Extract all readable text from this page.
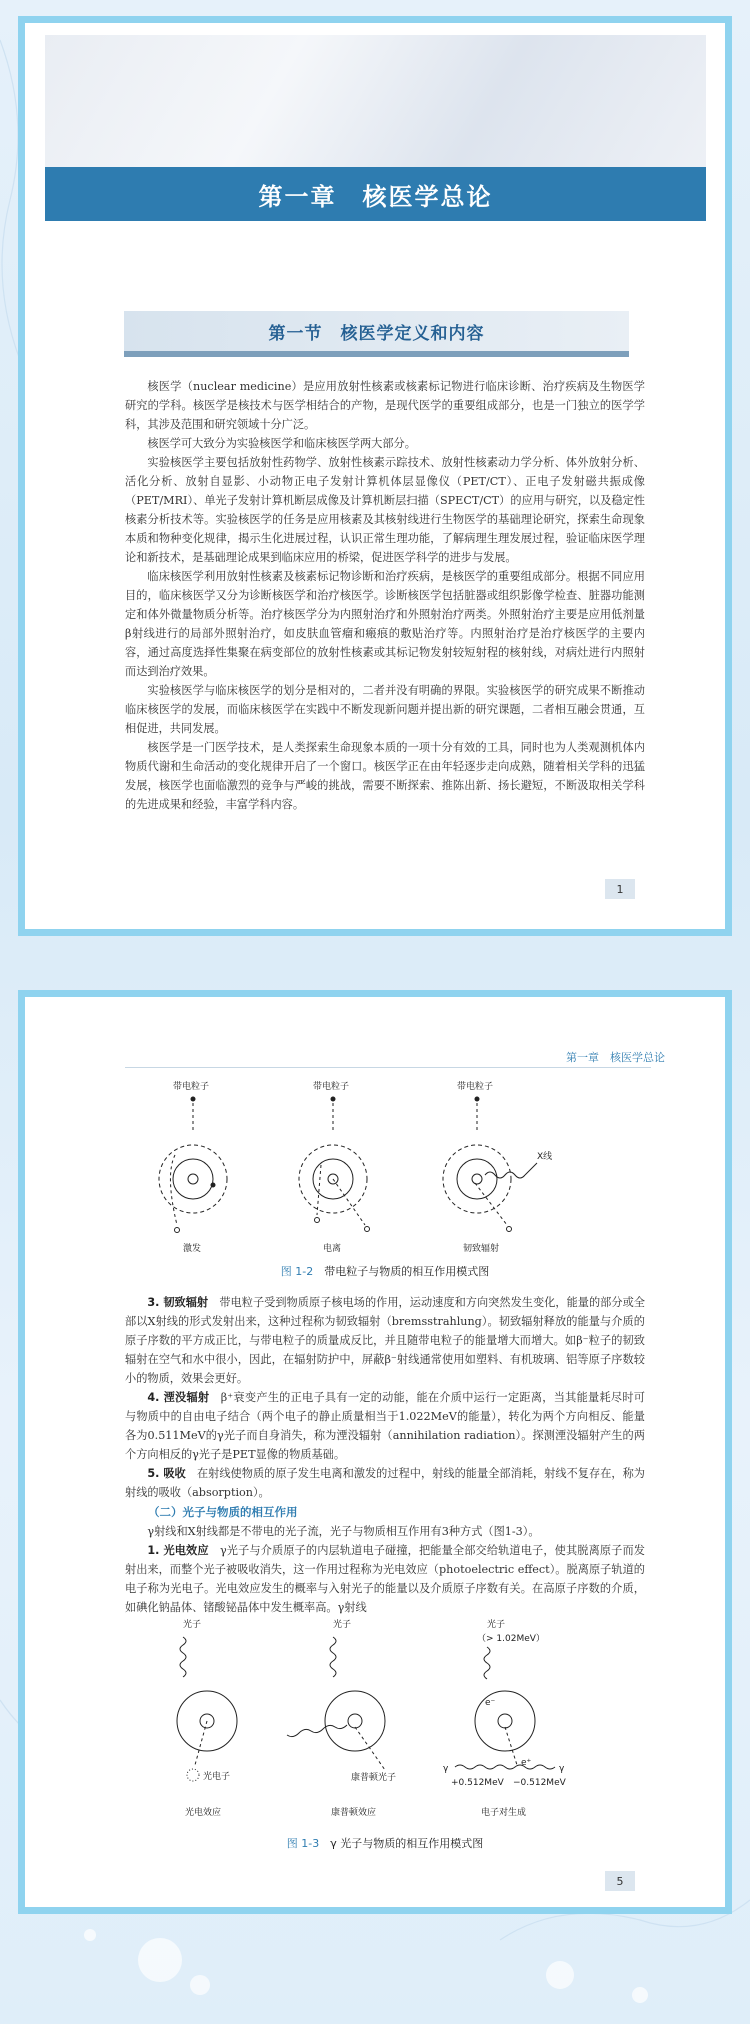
第一章　核医学总论
第一节　核医学定义和内容

核医学（nuclear medicine）是应用放射性核素或核素标记物进行临床诊断、治疗疾病及生物医学研究的学科。核医学是核技术与医学相结合的产物，是现代医学的重要组成部分，也是一门独立的医学学科，其涉及范围和研究领域十分广泛。

核医学可大致分为实验核医学和临床核医学两大部分。

实验核医学主要包括放射性药物学、放射性核素示踪技术、放射性核素动力学分析、体外放射分析、活化分析、放射自显影、小动物正电子发射计算机体层显像仪（PET/CT）、正电子发射磁共振成像（PET/MRI）、单光子发射计算机断层成像及计算机断层扫描（SPECT/CT）的应用与研究，以及稳定性核素分析技术等。实验核医学的任务是应用核素及其核射线进行生物医学的基础理论研究，探索生命现象本质和物种变化规律，揭示生化进展过程，认识正常生理功能，了解病理生理发展过程，验证临床医学理论和新技术，是基础理论成果到临床应用的桥梁，促进医学科学的进步与发展。

临床核医学利用放射性核素及核素标记物诊断和治疗疾病，是核医学的重要组成部分。根据不同应用目的，临床核医学又分为诊断核医学和治疗核医学。诊断核医学包括脏器或组织影像学检查、脏器功能测定和体外微量物质分析等。治疗核医学分为内照射治疗和外照射治疗两类。外照射治疗主要是应用低剂量β射线进行的局部外照射治疗，如皮肤血管瘤和瘢痕的敷贴治疗等。内照射治疗是治疗核医学的主要内容，通过高度选择性集聚在病变部位的放射性核素或其标记物发射较短射程的核射线，对病灶进行内照射而达到治疗效果。

实验核医学与临床核医学的划分是相对的，二者并没有明确的界限。实验核医学的研究成果不断推动临床核医学的发展，而临床核医学在实践中不断发现新问题并提出新的研究课题，二者相互融会贯通，互相促进，共同发展。

核医学是一门医学技术，是人类探索生命现象本质的一项十分有效的工具，同时也为人类观测机体内物质代谢和生命活动的变化规律开启了一个窗口。核医学正在由年轻逐步走向成熟，随着相关学科的迅猛发展，核医学也面临激烈的竞争与严峻的挑战，需要不断探索、推陈出新、扬长避短，不断汲取相关学科的先进成果和经验，丰富学科内容。

1
第一章　核医学总论
带电粒子
激发
带电粒子
电离
带电粒子
X线
韧致辐射
图 1-2　 带电粒子与物质的相互作用模式图

3. 韧致辐射　 带电粒子受到物质原子核电场的作用，运动速度和方向突然发生变化，能量的部分或全部以X射线的形式发射出来，这种过程称为韧致辐射（bremsstrahlung）。韧致辐射释放的能量与介质的原子序数的平方成正比，与带电粒子的质量成反比，并且随带电粒子的能量增大而增大。如β⁻粒子的韧致辐射在空气和水中很小，因此，在辐射防护中，屏蔽β⁻射线通常使用如塑料、有机玻璃、铝等原子序数较小的物质，效果会更好。

4. 湮没辐射　 β⁺衰变产生的正电子具有一定的动能，能在介质中运行一定距离，当其能量耗尽时可与物质中的自由电子结合（两个电子的静止质量相当于1.022MeV的能量），转化为两个方向相反、能量各为0.511MeV的γ光子而自身消失，称为湮没辐射（annihilation radiation）。探测湮没辐射产生的两个方向相反的γ光子是PET显像的物质基础。

5. 吸收　 在射线使物质的原子发生电离和激发的过程中，射线的能量全部消耗，射线不复存在，称为射线的吸收（absorption）。

（二）光子与物质的相互作用

γ射线和X射线都是不带电的光子流，光子与物质相互作用有3种方式（图1-3）。

1. 光电效应　 γ光子与介质原子的内层轨道电子碰撞，把能量全部交给轨道电子，使其脱离原子而发射出来，而整个光子被吸收消失，这一作用过程称为光电效应（photoelectric effect）。脱离原子轨道的电子称为光电子。光电效应发生的概率与入射光子的能量以及介质原子序数有关。在高原子序数的介质，如碘化钠晶体、锗酸铋晶体中发生概率高。γ射线

光子
光电子
光电效应
光子
康普顿光子
康普顿效应
光子
（> 1.02MeV）
e⁻
e⁺
γ	γ
+0.512MeV −0.512MeV
电子对生成
图 1-3　 γ 光子与物质的相互作用模式图
5
